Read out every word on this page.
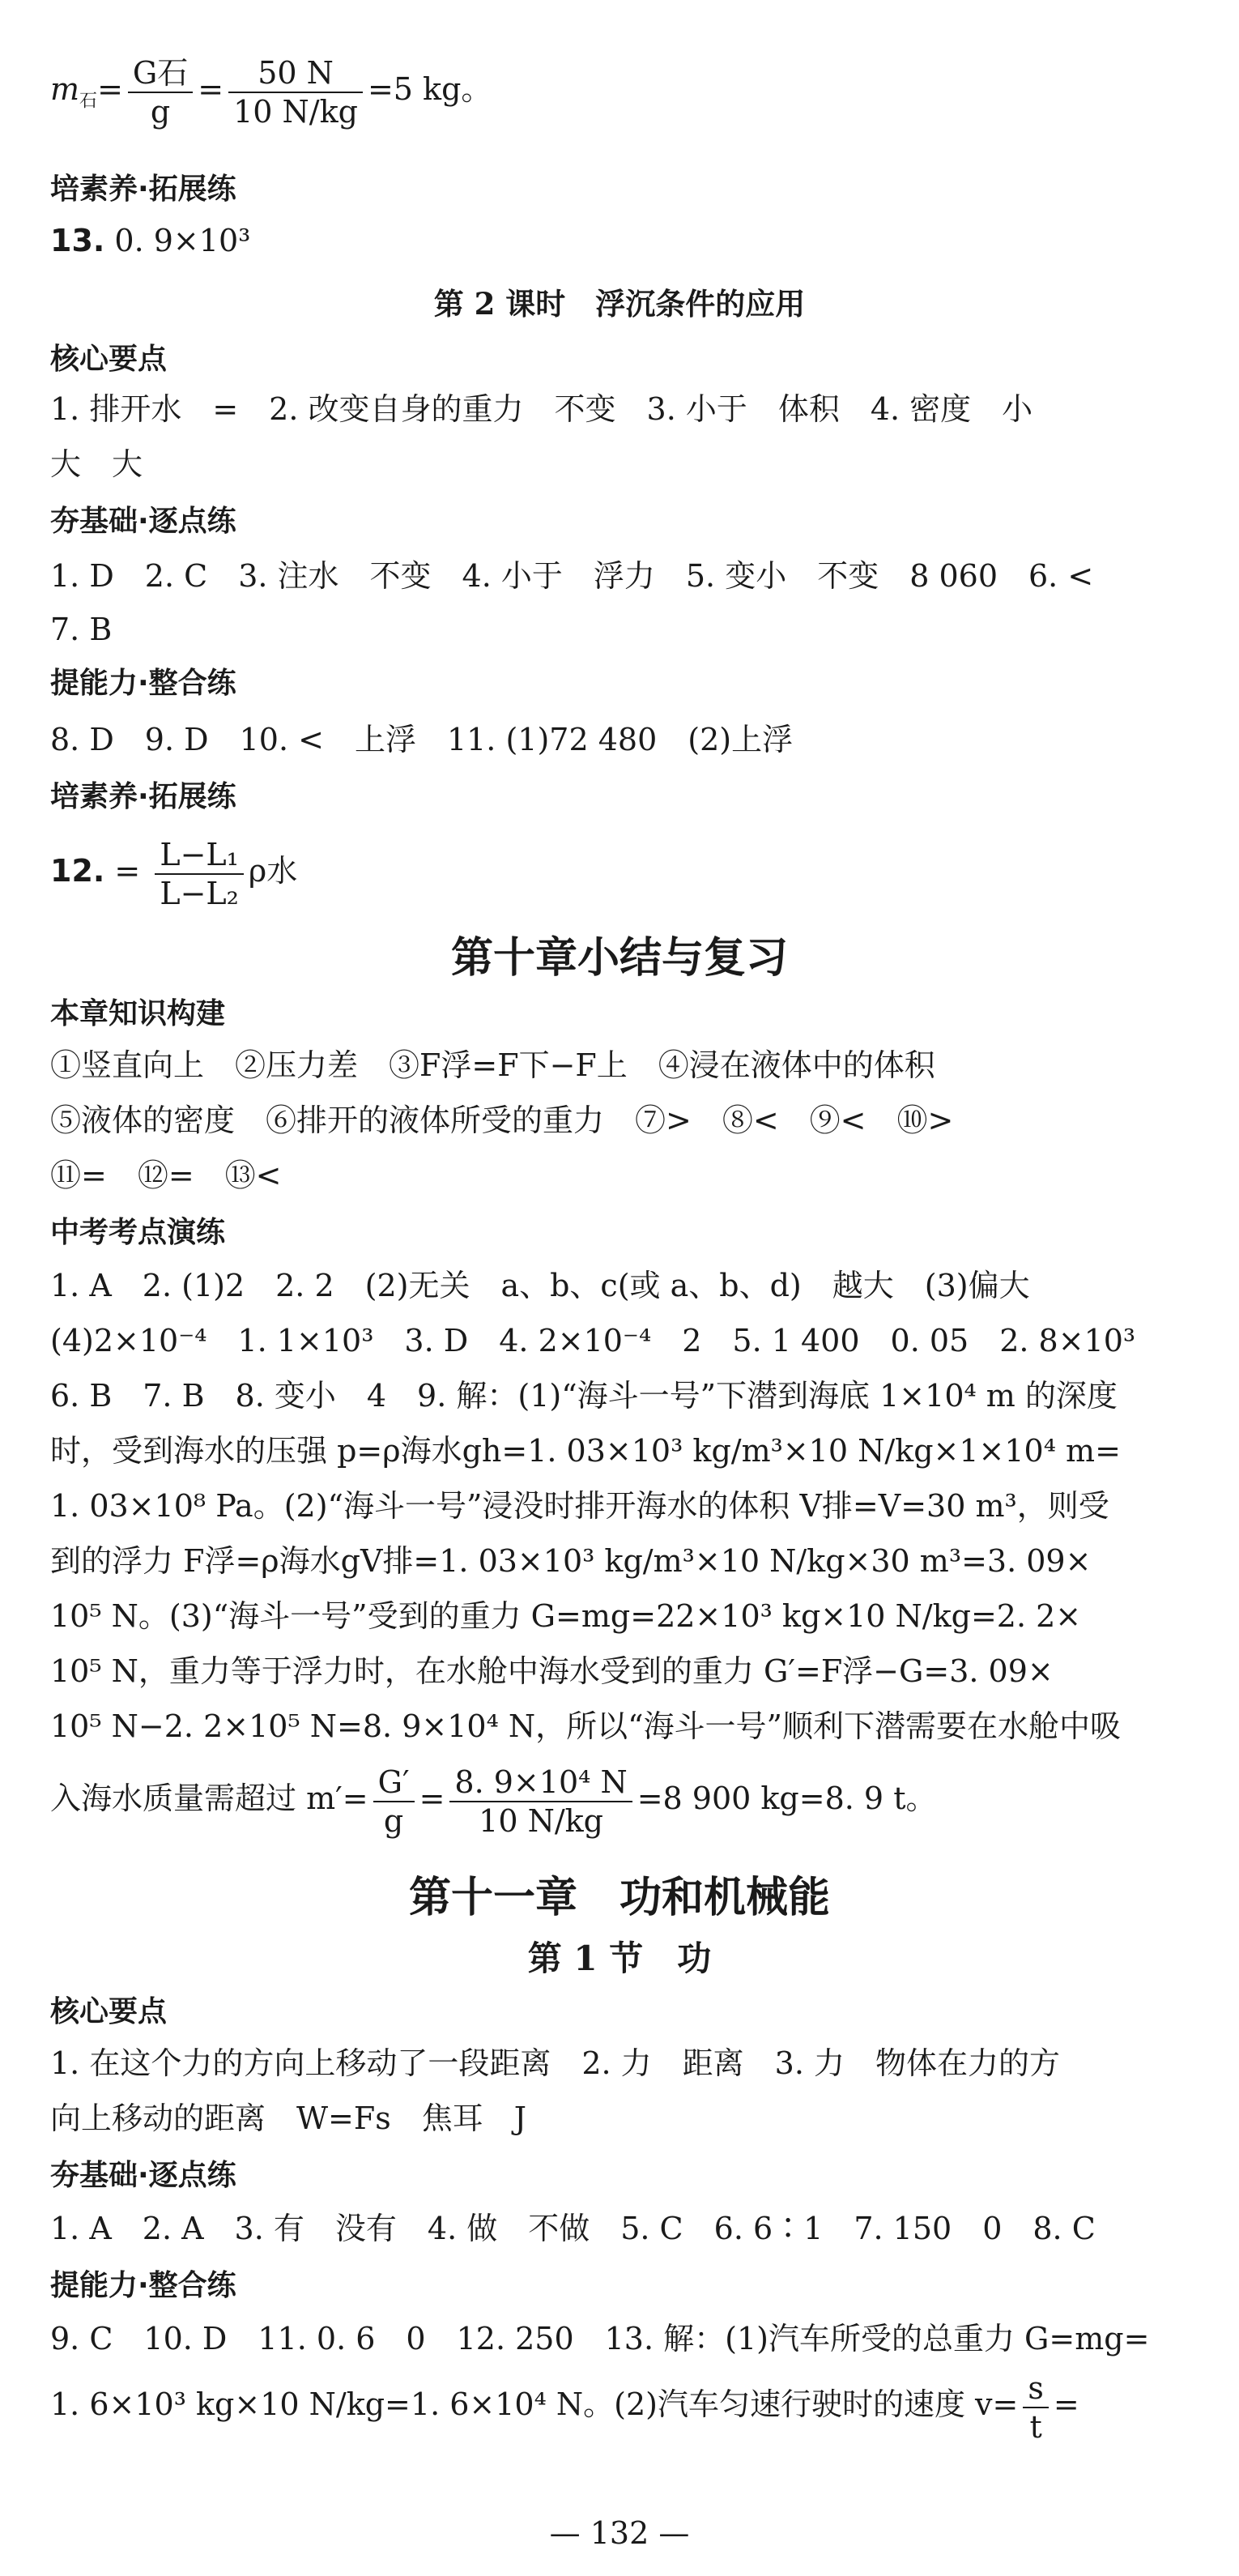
$m_石= \frac{\text{G石}}{g} = \frac{50 N}{10 N/kg} =5$ kg。
培素养·拓展练
13. 0. 9×10³
第 2 课时　浮沉条件的应用
核心要点
1. 排开水　=　2. 改变自身的重力　不变　3. 小于　体积　4. 密度　小
大　大
夯基础·逐点练
1. D　2. C　3. 注水　不变　4. 小于　浮力　5. 变小　不变　8 060　6. <
7. B
提能力·整合练
8. D　9. D　10. <　上浮　11. (1)72 480　(2)上浮
培素养·拓展练
12. = $\frac{\text{L−L₁}}{\text{L−L₂}}$ ρ水
第十章小结与复习
本章知识构建
①竖直向上　②压力差　③F浮=F下−F上　④浸在液体中的体积
⑤液体的密度　⑥排开的液体所受的重力　⑦>　⑧<　⑨<　⑩>
⑪=　⑫=　⑬<
中考考点演练
1. A　2. (1)2　2. 2　(2)无关　a、b、c(或 a、b、d)　越大　(3)偏大
(4)2×10⁻⁴　1. 1×10³　3. D　4. 2×10⁻⁴　2　5. 1 400　0. 05　2. 8×10³
6. B　7. B　8. 变小　4　9. 解：(1)“海斗一号”下潜到海底 1×10⁴ m 的深度
时，受到海水的压强 p=ρ海水gh=1. 03×10³ kg/m³×10 N/kg×1×10⁴ m=
1. 03×10⁸ Pa。(2)“海斗一号”浸没时排开海水的体积 V排=V=30 m³，则受
到的浮力 F浮=ρ海水gV排=1. 03×10³ kg/m³×10 N/kg×30 m³=3. 09×
10⁵ N。(3)“海斗一号”受到的重力 G=mg=22×10³ kg×10 N/kg=2. 2×
10⁵ N，重力等于浮力时，在水舱中海水受到的重力 G′=F浮−G=3. 09×
10⁵ N−2. 2×10⁵ N=8. 9×10⁴ N，所以“海斗一号”顺利下潜需要在水舱中吸
入海水质量需超过 $m'= \frac{G'}{g} = \frac{\text{8. 9×10⁴ N}}{10 N/kg} =8$ 900 kg=8. 9 t。
第十一章　功和机械能
第 1 节　功
核心要点
1. 在这个力的方向上移动了一段距离　2. 力　距离　3. 力　物体在力的方
向上移动的距离　W=Fs　焦耳　J
夯基础·逐点练
1. A　2. A　3. 有　没有　4. 做　不做　5. C　6. 6∶1　7. 150　0　8. C
提能力·整合练
9. C　10. D　11. 0. 6　0　12. 250　13. 解：(1)汽车所受的总重力 G=mg=
1. 6×10³ kg×10 N/kg=1. 6×10⁴ N。(2)汽车匀速行驶时的速度 $v= \frac{s}{t}$ =
— 132 —
